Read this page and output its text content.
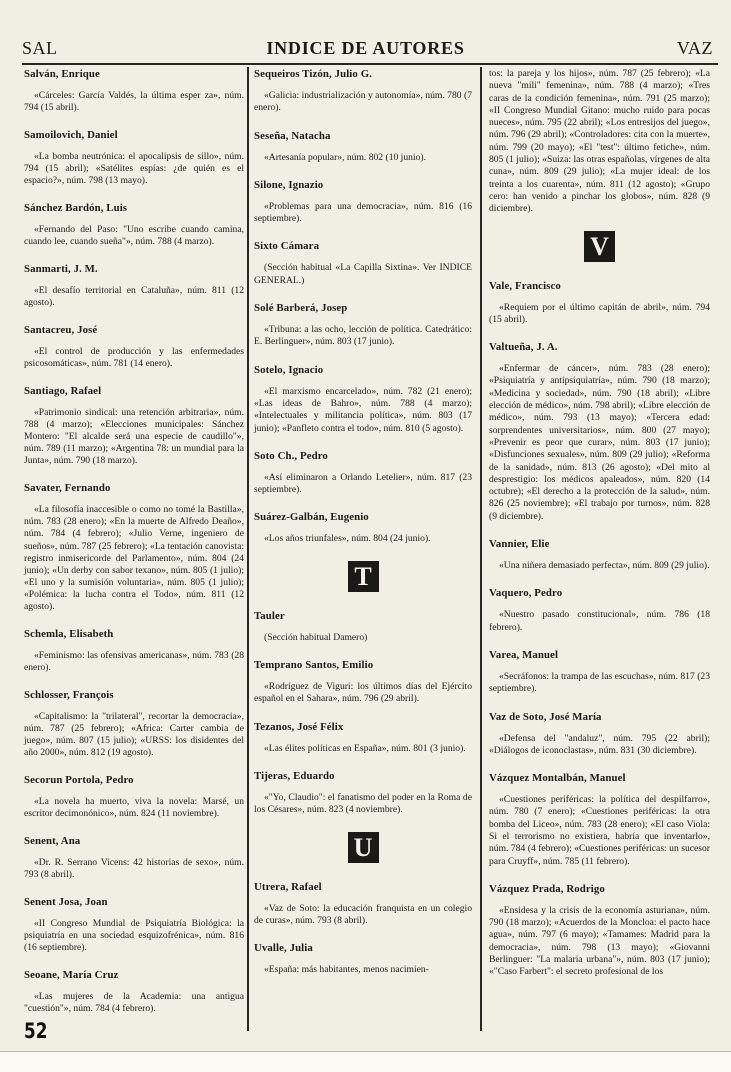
SAL	INDICE DE AUTORES	VAZ
Salván, Enrique

«Cárceles: García Valdés, la última esper za», núm. 794 (15 abril).

Samoilovich, Daniel

«La bomba neutrónica: el apocalipsis de sillo», núm. 794 (15 abril); «Satélites espías: ¿de quién es el espacio?», núm. 798 (13 mayo).

Sánchez Bardón, Luis

«Fernando del Paso: "Uno escribe cuando camina, cuando lee, cuando sueña"», núm. 788 (4 marzo).

Sanmarti, J. M.

«El desafío territorial en Cataluña», núm. 811 (12 agosto).

Santacreu, José

«El control de producción y las enfermedades psicosomáticas», núm. 781 (14 enero).

Santiago, Rafael

«Patrimonio sindical: una retención arbitraria», núm. 788 (4 marzo); «Elecciones municipales: Sánchez Montero: "El alcalde será una especie de caudillo"», núm. 789 (11 marzo); «Argentina 78: un mundial para la Junta», núm. 790 (18 marzo).

Savater, Fernando

«La filosofía inaccesible o como no tomé la Bastilla», núm. 783 (28 enero); «En la muerte de Alfredo Deaño», núm. 784 (4 febrero); «Julio Verne, ingeniero de sueños», núm. 787 (25 febrero); «La tentación canovista: registro inmisericorde del Parlamento», núm. 804 (24 junio); «Un derby con sabor texano», núm. 805 (1 julio); «El uno y la sumisión voluntaria», núm. 805 (1 julio); «Polémica: la lucha contra el Todo», núm. 811 (12 agosto).

Schemla, Elisabeth

«Feminismo: las ofensivas americanas», núm. 783 (28 enero).

Schlosser, François

«Capitalismo: la "trilateral", recortar la democracia», núm. 787 (25 febrero); «Africa: Carter cambia de juego», núm. 807 (15 julio); «URSS: los disidentes del año 2000», núm. 812 (19 agosto).

Secorun Portola, Pedro

«La novela ha muerto, viva la novela: Marsé, un escritor decimonónico», núm. 824 (11 noviembre).

Senent, Ana

«Dr. R. Serrano Vicens: 42 historias de sexo», núm. 793 (8 abril).

Senent Josa, Joan

«II Congreso Mundial de Psiquiatría Biológica: la psiquiatría en una sociedad esquizofrénica», núm. 816 (16 septiembre).

Seoane, María Cruz

«Las mujeres de la Academia: una antigua "cuestión"», núm. 784 (4 febrero).

Sequeiros Tizón, Julio G.

«Galicia: industrialización y autonomía», núm. 780 (7 enero).

Seseña, Natacha

«Artesanía popular», núm. 802 (10 junio).

Silone, Ignazio

«Problemas para una democracia», núm. 816 (16 septiembre).

Sixto Cámara

(Sección habitual «La Capilla Sixtina». Ver INDICE GENERAL.)

Solé Barberá, Josep

«Tribuna: a las ocho, lección de política. Catedrático: E. Berlinguer», núm. 803 (17 junio).

Sotelo, Ignacio

«El marxismo encarcelado», núm. 782 (21 enero); «Las ideas de Bahro», núm. 788 (4 marzo); «Intelectuales y militancia política», núm. 803 (17 junio); «Panfleto contra el todo», núm. 810 (5 agosto).

Soto Ch., Pedro

«Así eliminaron a Orlando Letelier», núm. 817 (23 septiembre).

Suárez-Galbán, Eugenio

«Los años triunfales», núm. 804 (24 junio).

T
Tauler

(Sección habitual Damero)

Temprano Santos, Emilio

«Rodríguez de Viguri: los últimos días del Ejército español en el Sahara», núm. 796 (29 abril).

Tezanos, José Félix

«Las élites políticas en España», núm. 801 (3 junio).

Tijeras, Eduardo

«"Yo, Claudio": el fanatismo del poder en la Roma de los Césares», núm. 823 (4 noviembre).

U
Utrera, Rafael

«Vaz de Soto: la educación franquista en un colegio de curas», núm. 793 (8 abril).

Uvalle, Julia

«España: más habitantes, menos nacimien-

tos: la pareja y los hijos», núm. 787 (25 febrero); «La nueva "mili" femenina», núm. 788 (4 marzo); «Tres caras de la condición femenina», núm. 791 (25 marzo); «II Congreso Mundial Gitano: mucho ruido para pocas nueces», núm. 795 (22 abril); «Los entresijos del juego», núm. 796 (29 abril); «Controladores: cita con la muerte», núm. 799 (20 mayo); «El "test": último fetiche», núm. 805 (1 julio); «Suiza: las otras españolas, vírgenes de alta cuna», núm. 809 (29 julio); «La mujer ideal: de los treinta a los cuarenta», núm. 811 (12 agosto); «Grupo cero: han venido a pinchar los globos», núm. 828 (9 diciembre).

V
Vale, Francisco

«Requiem por el último capitán de abril», núm. 794 (15 abril).

Valtueña, J. A.

«Enfermar de cáncer», núm. 783 (28 enero); «Psiquiatría y antipsiquiatría», núm. 790 (18 marzo); «Medicina y sociedad», núm. 790 (18 abril); «Libre elección de médico», núm. 798 abril); «Libre elección de médico», núm. 793 (13 mayo); «Tercera edad: sorprendentes universitarios», núm. 800 (27 mayo); «Prevenir es peor que curar», núm. 803 (17 junio); «Disfunciones sexuales», núm. 809 (29 julio); «Reforma de la sanidad», núm. 813 (26 agosto); «Del mito al desprestigio: los médicos apaleados», núm. 820 (14 octubre); «El derecho a la protección de la salud», núm. 826 (25 noviembre); «El trabajo por turnos», núm. 828 (9 diciembre).

Vannier, Elie

«Una niñera demasiado perfecta», núm. 809 (29 julio).

Vaquero, Pedro

«Nuestro pasado constitucional», núm. 786 (18 febrero).

Varea, Manuel

«Secráfonos: la trampa de las escuchas», núm. 817 (23 septiembre).

Vaz de Soto, José María

«Defensa del "andaluz", núm. 795 (22 abril); «Diálogos de iconoclastas», núm. 831 (30 diciembre).

Vázquez Montalbán, Manuel

«Cuestiones periféricas: la política del despilfarro», núm. 780 (7 enero); «Cuestiones periféricas: la otra bomba del Liceo», núm. 783 (28 enero); «El caso Viola: Si el terrorismo no existiera, habría que inventarlo», núm. 784 (4 febrero); «Cuestiones periféricas: un sucesor para Cruyff», núm. 785 (11 febrero).

Vázquez Prada, Rodrigo

«Ensidesa y la crisis de la economía asturiana», núm. 790 (18 marzo); «Acuerdos de la Moncloa: el pacto hace agua», núm. 797 (6 mayo); «Tamames: Madrid para la democracia», núm. 798 (13 mayo); «Giovanni Berlinguer: "La malaria urbana"», núm. 803 (17 junio); «"Caso Farbert": el secreto profesional de los

52
